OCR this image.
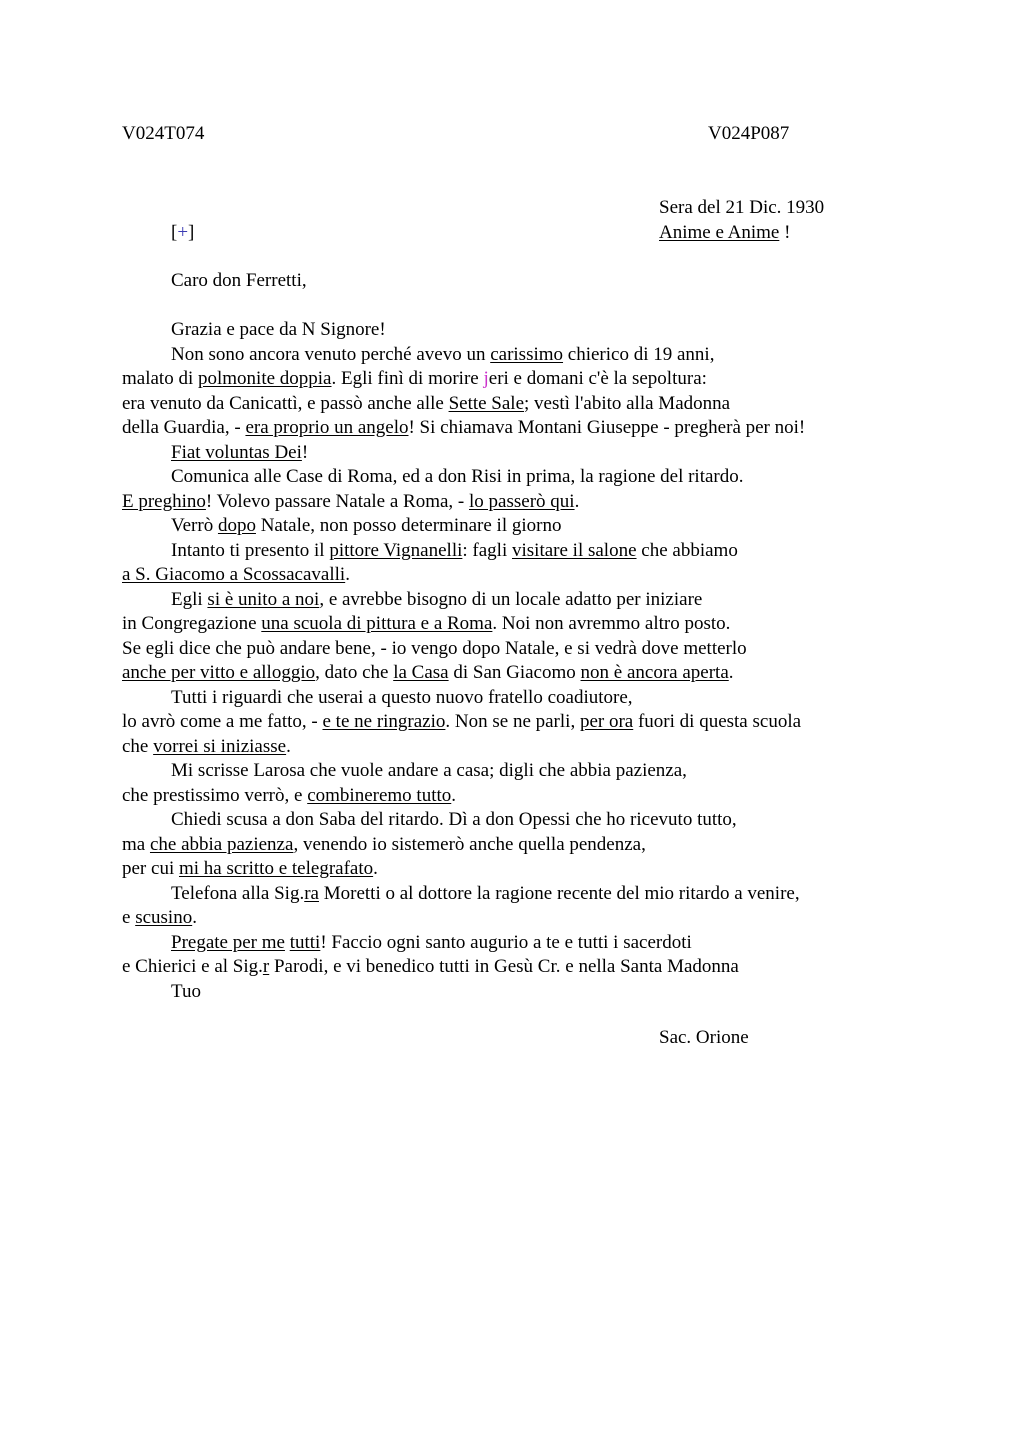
V024T074	V024P087
Sera del 21 Dic. 1930
Anime e Anime !
[+]
Caro don Ferretti,
Grazia e pace da N Signore!
Non sono ancora venuto perché avevo un carissimo chierico di 19 anni,
malato di polmonite doppia. Egli finì di morire jeri e domani c'è la sepoltura:
era venuto da Canicattì, e passò anche alle Sette Sale; vestì l'abito alla Madonna
della Guardia, - era proprio un angelo! Si chiamava Montani Giuseppe - pregherà per noi!
Fiat voluntas Dei!
Comunica alle Case di Roma, ed a don Risi in prima, la ragione del ritardo.
E preghino! Volevo passare Natale a Roma, - lo passerò qui.
Verrò dopo Natale, non posso determinare il giorno
Intanto ti presento il pittore Vignanelli: fagli visitare il salone che abbiamo
a S. Giacomo a Scossacavalli.
Egli si è unito a noi, e avrebbe bisogno di un locale adatto per iniziare
in Congregazione una scuola di pittura e a Roma. Noi non avremmo altro posto.
Se egli dice che può andare bene, - io vengo dopo Natale, e si vedrà dove metterlo
anche per vitto e alloggio, dato che la Casa di San Giacomo non è ancora aperta.
Tutti i riguardi che userai a questo nuovo fratello coadiutore,
lo avrò come a me fatto, - e te ne ringrazio. Non se ne parli, per ora fuori di questa scuola
che vorrei si iniziasse.
Mi scrisse Larosa che vuole andare a casa; digli che abbia pazienza,
che prestissimo verrò, e combineremo tutto.
Chiedi scusa a don Saba del ritardo. Dì a don Opessi che ho ricevuto tutto,
ma che abbia pazienza, venendo io sistemerò anche quella pendenza,
per cui mi ha scritto e telegrafato.
Telefona alla Sig.ra Moretti o al dottore la ragione recente del mio ritardo a venire,
e scusino.
Pregate per me tutti! Faccio ogni santo augurio a te e tutti i sacerdoti
e Chierici e al Sig.r Parodi, e vi benedico tutti in Gesù Cr. e nella Santa Madonna
Tuo
Sac. Orione
